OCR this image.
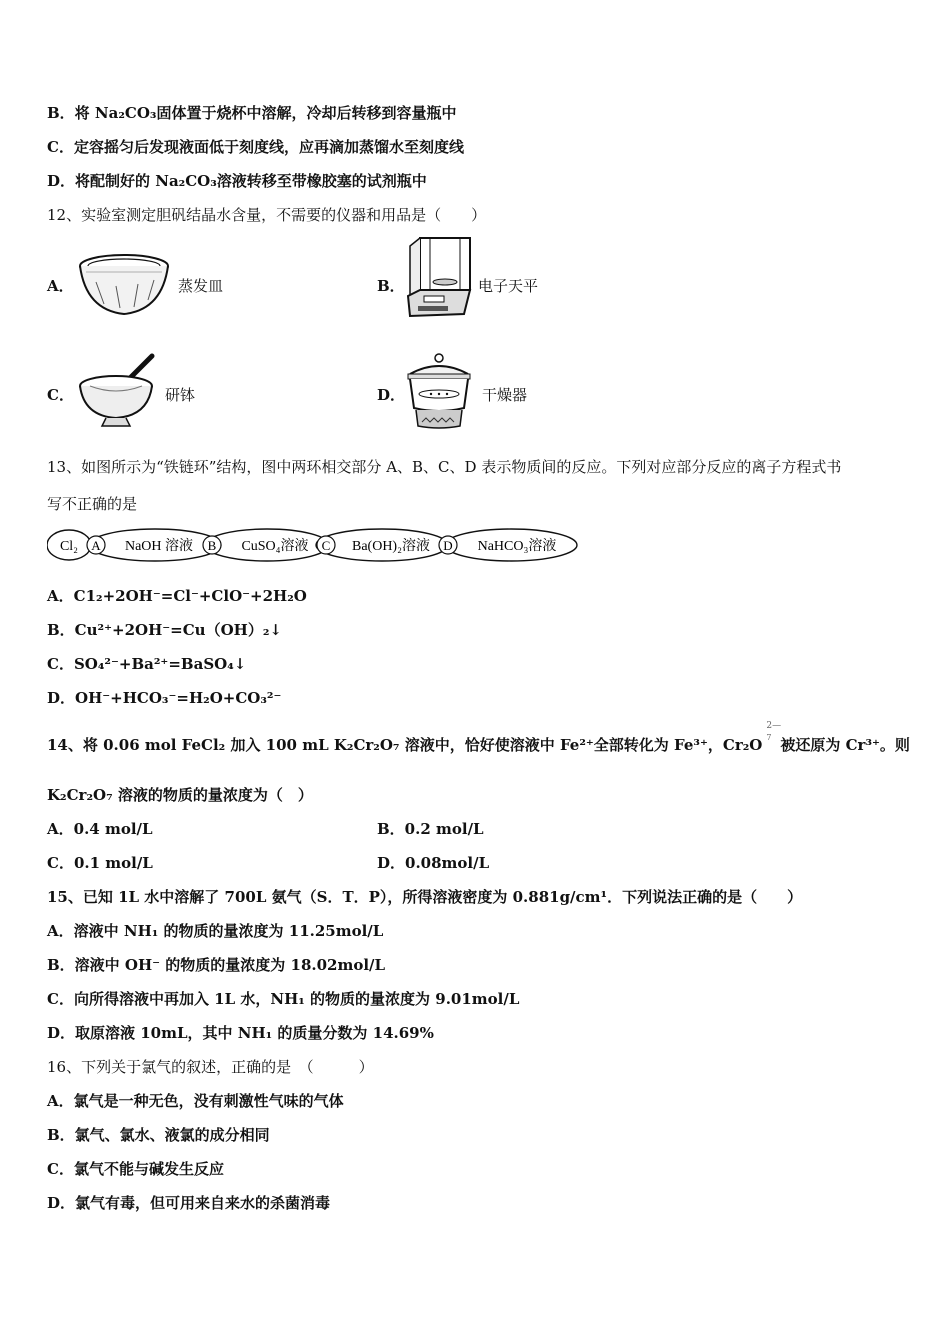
B．将 Na₂CO₃固体置于烧杯中溶解，冷却后转移到容量瓶中
C．定容摇匀后发现液面低于刻度线，应再滴加蒸馏水至刻度线
D．将配制好的 Na₂CO₃溶液转移至带橡胶塞的试剂瓶中
12、实验室测定胆矾结晶水含量，不需要的仪器和用品是（　　）
A．	蒸发皿	B．	电子天平
C．	研钵	D．	干燥器
13、如图所示为“铁链环”结构，图中两环相交部分 A、B、C、D 表示物质间的反应。下列对应部分反应的离子方程式书
写不正确的是
Cl₂	NaOH 溶液	CuSO₄溶液	Ba(OH)₂溶液	NaHCO₃溶液
A	B	C	D
A．C1₂+2OH⁻=Cl⁻+ClO⁻+2H₂O
B．Cu²⁺+2OH⁻=Cu（OH）₂↓
C．SO₄²⁻+Ba²⁺=BaSO₄↓
D．OH⁻+HCO₃⁻=H₂O+CO₃²⁻
14、将 0.06 mol FeCl₂ 加入 100 mL K₂Cr₂O₇ 溶液中，恰好使溶液中 Fe²⁺全部转化为 Fe³⁺，Cr₂O
2—
7 被还原为 Cr³⁺。则
K₂Cr₂O₇ 溶液的物质的量浓度为（　）
A．0.4 mol/L	B．0.2 mol/L
C．0.1 mol/L	D．0.08mol/L
15、已知 1L 水中溶解了 700L 氨气（S．T．P），所得溶液密度为 0.881g/cm¹．下列说法正确的是（　　）
A．溶液中 NH₁ 的物质的量浓度为 11.25mol/L
B．溶液中 OH⁻ 的物质的量浓度为 18.02mol/L
C．向所得溶液中再加入 1L 水，NH₁ 的物质的量浓度为 9.01mol/L
D．取原溶液 10mL，其中 NH₁ 的质量分数为 14.69%
16、下列关于氯气的叙述，正确的是　（　　　）
A．氯气是一种无色，没有刺激性气味的气体
B．氯气、氯水、液氯的成分相同
C．氯气不能与碱发生反应
D．氯气有毒，但可用来自来水的杀菌消毒
